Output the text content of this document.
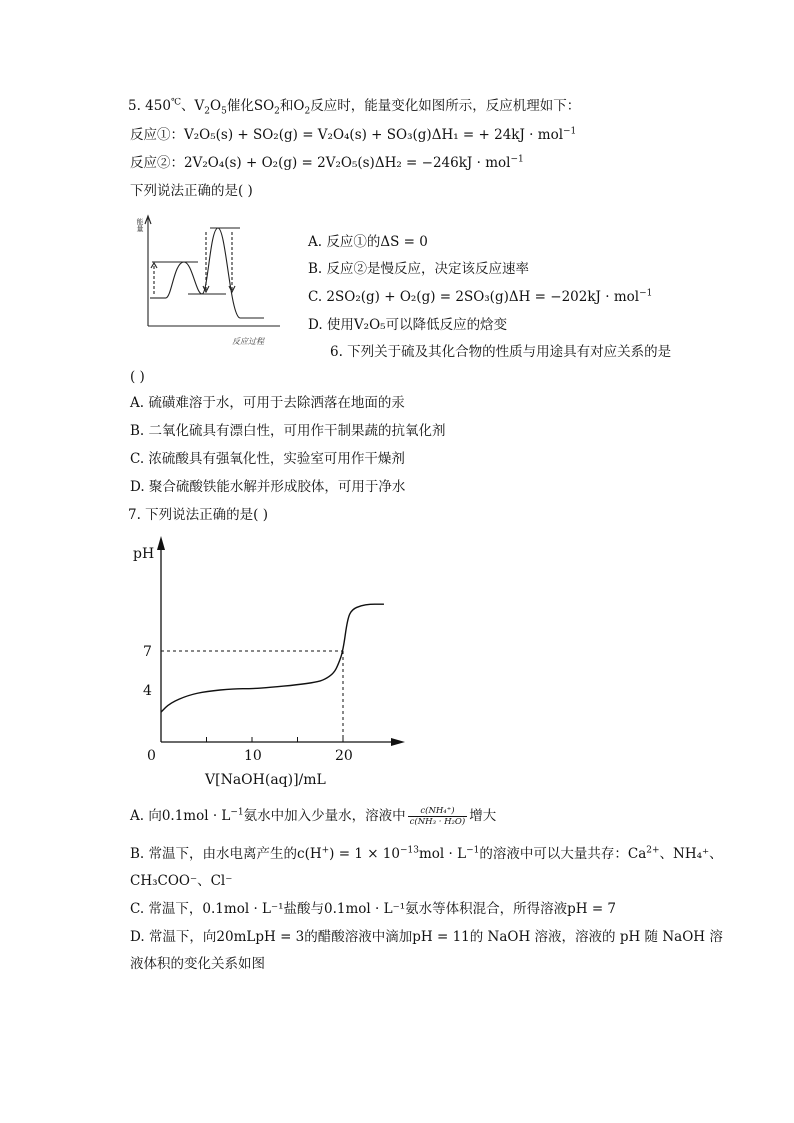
5. 450℃、$V_2O_5$催化$SO_2$和$O_2$反应时，能量变化如图所示，反应机理如下：
反应①：V₂O₅(s) + SO₂(g) = V₂O₄(s) + SO₃(g)ΔH₁ = + 24kJ · mol$^{-1}$
反应②：2V₂O₄(s) + O₂(g) = 2V₂O₅(s)ΔH₂ = −246kJ · mol$^{-1}$
下列说法正确的是( )
能量
反应过程
A. 反应①的ΔS = 0
B. 反应②是慢反应，决定该反应速率
C. 2SO₂(g) + O₂(g) = 2SO₃(g)ΔH = −202kJ · mol$^{-1}$
D. 使用V₂O₅可以降低反应的焓变
6. 下列关于硫及其化合物的性质与用途具有对应关系的是
( )
A. 硫磺难溶于水，可用于去除洒落在地面的汞
B. 二氧化硫具有漂白性，可用作干制果蔬的抗氧化剂
C. 浓硫酸具有强氧化性，实验室可用作干燥剂
D. 聚合硫酸铁能水解并形成胶体，可用于净水
7. 下列说法正确的是( )
0	10	20
4
7
pH
V[NaOH(aq)]/mL
A. 向$0.1mol \cdot L^{-1}$氨水中加入少量水，溶液中 $\frac{\text{c(NH₄⁺)}}{\text{c(NH₃ · H₂O)}}$ 增大
B. 常温下，由水电离产生的$c(H^+) = 1 \times 10^{-13}mol \cdot L^{-1}$的溶液中可以大量共存：$Ca^{2+}$、NH₄⁺、
CH₃COO⁻、Cl⁻
C. 常温下，0.1mol · L⁻¹盐酸与0.1mol · L⁻¹氨水等体积混合，所得溶液pH = 7
D. 常温下，向20mLpH = 3的醋酸溶液中滴加pH = 11的 NaOH 溶液，溶液的 pH 随 NaOH 溶
液体积的变化关系如图
